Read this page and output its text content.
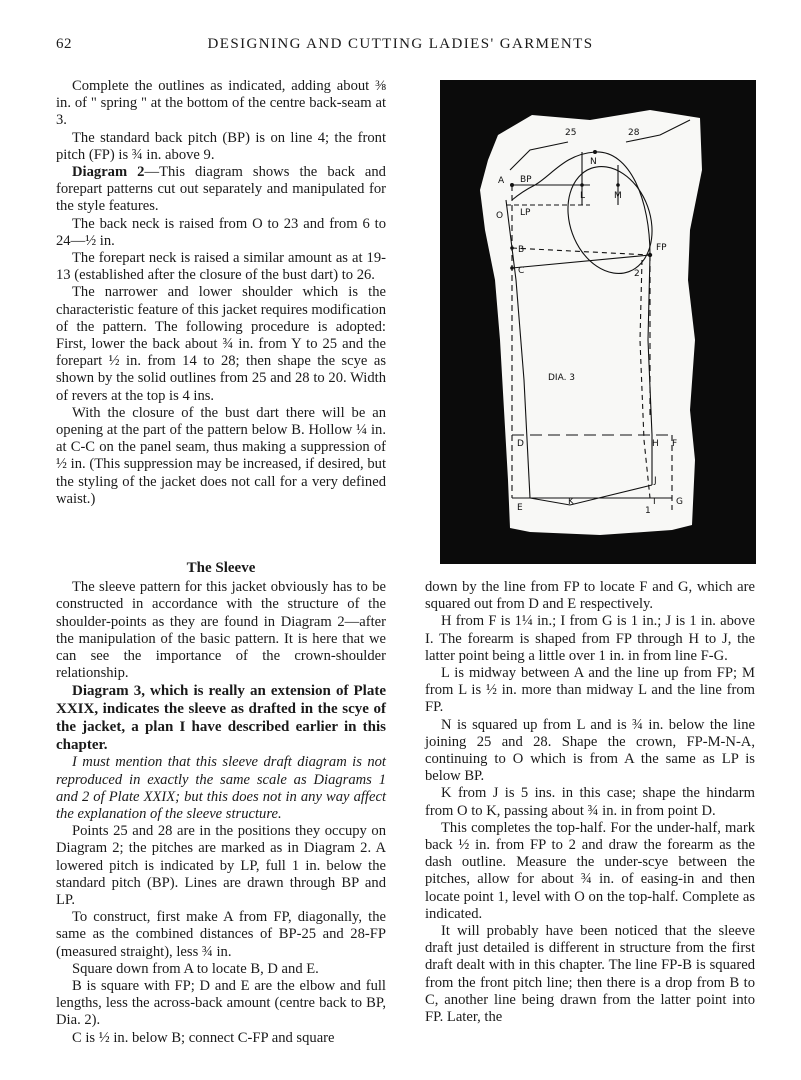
62	DESIGNING AND CUTTING LADIES' GARMENTS

Complete the outlines as indicated, adding about ⅜ in. of " spring " at the bottom of the centre back-seam at 3.

The standard back pitch (BP) is on line 4; the front pitch (FP) is ¾ in. above 9.

Diagram 2—This diagram shows the back and forepart patterns cut out separately and manipulated for the style features.

The back neck is raised from O to 23 and from 6 to 24—½ in.

The forepart neck is raised a similar amount as at 19-13 (established after the closure of the bust dart) to 26.

The narrower and lower shoulder which is the characteristic feature of this jacket requires modification of the pattern. The following procedure is adopted: First, lower the back about ¾ in. from Y to 25 and the forepart ½ in. from 14 to 28; then shape the scye as shown by the solid outlines from 25 and 28 to 20. Width of revers at the top is 4 ins.

With the closure of the bust dart there will be an opening at the part of the pattern below B. Hollow ¼ in. at C-C on the panel seam, thus making a suppression of ½ in. (This suppression may be increased, if desired, but the styling of the jacket does not call for a very defined waist.)

25	28
N
A BP
L	M
O LP
FP
B
C	2
D	H F
J
E
K	I G
1
DIA. 3

The Sleeve

The sleeve pattern for this jacket obviously has to be constructed in accordance with the structure of the shoulder-points as they are found in Diagram 2—after the manipulation of the basic pattern. It is here that we can see the importance of the crown-shoulder relationship.

Diagram 3, which is really an extension of Plate XXIX, indicates the sleeve as drafted in the scye of the jacket, a plan I have described earlier in this chapter.

I must mention that this sleeve draft diagram is not reproduced in exactly the same scale as Diagrams 1 and 2 of Plate XXIX; but this does not in any way affect the explanation of the sleeve structure.

Points 25 and 28 are in the positions they occupy on Diagram 2; the pitches are marked as in Diagram 2. A lowered pitch is indicated by LP, full 1 in. below the standard pitch (BP). Lines are drawn through BP and LP.

To construct, first make A from FP, diagonally, the same as the combined distances of BP-25 and 28-FP (measured straight), less ¾ in.

Square down from A to locate B, D and E.

B is square with FP; D and E are the elbow and full lengths, less the across-back amount (centre back to BP, Dia. 2).

C is ½ in. below B; connect C-FP and square

down by the line from FP to locate F and G, which are squared out from D and E respectively.

H from F is 1¼ in.; I from G is 1 in.; J is 1 in. above I. The forearm is shaped from FP through H to J, the latter point being a little over 1 in. in from line F-G.

L is midway between A and the line up from FP; M from L is ½ in. more than midway L and the line from FP.

N is squared up from L and is ¾ in. below the line joining 25 and 28. Shape the crown, FP-M-N-A, continuing to O which is from A the same as LP is below BP.

K from J is 5 ins. in this case; shape the hindarm from O to K, passing about ¾ in. in from point D.

This completes the top-half. For the under-half, mark back ½ in. from FP to 2 and draw the forearm as the dash outline. Measure the under-scye between the pitches, allow for about ¾ in. of easing-in and then locate point 1, level with O on the top-half. Complete as indicated.

It will probably have been noticed that the sleeve draft just detailed is different in structure from the first draft dealt with in this chapter. The line FP-B is squared from the front pitch line; then there is a drop from B to C, another line being drawn from the latter point into FP. Later, the
